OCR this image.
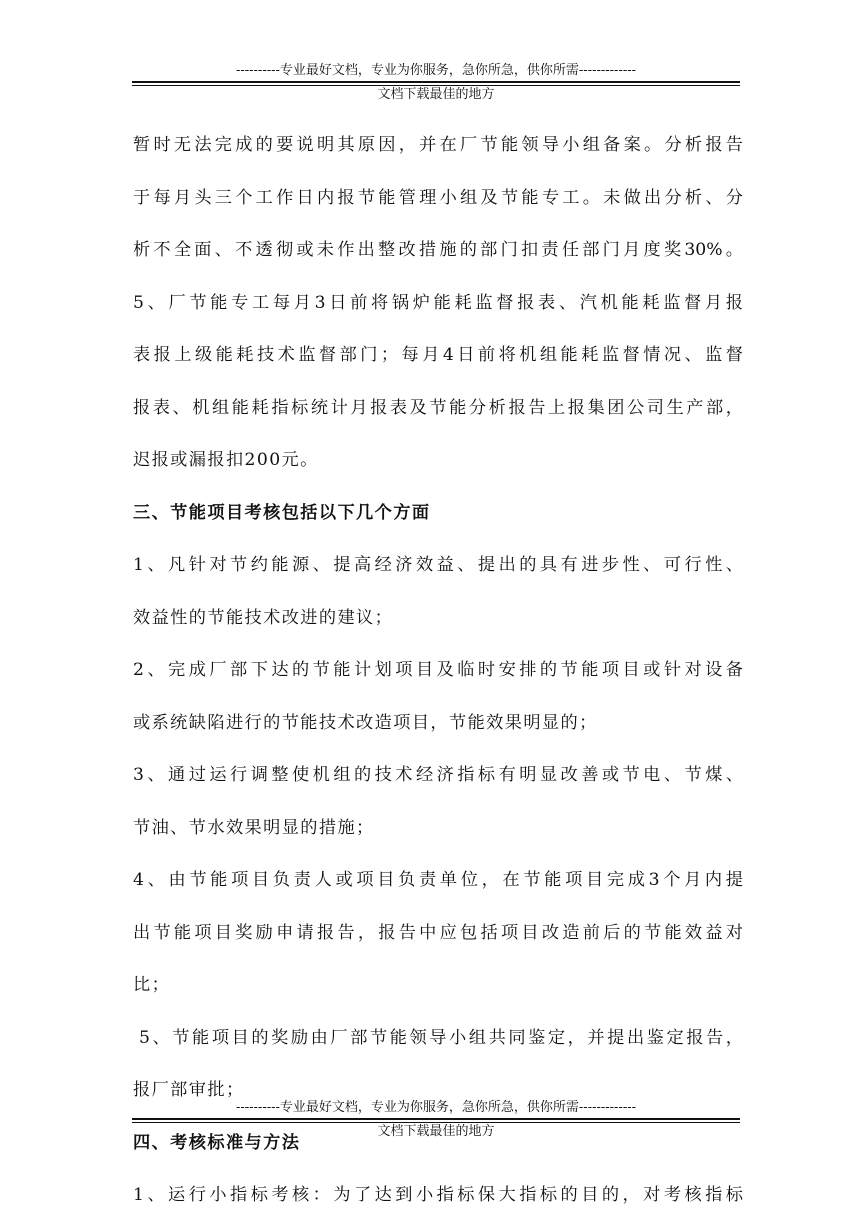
----------专业最好文档，专业为你服务，急你所急，供你所需-------------
文档下载最佳的地方
暂时无法完成的要说明其原因，并在厂节能领导小组备案。分析报告
于每月头三个工作日内报节能管理小组及节能专工。未做出分析、分
析不全面、不透彻或未作出整改措施的部门扣责任部门月度奖30%。
5、厂节能专工每月3日前将锅炉能耗监督报表、汽机能耗监督月报
表报上级能耗技术监督部门；每月4日前将机组能耗监督情况、监督
报表、机组能耗指标统计月报表及节能分析报告上报集团公司生产部，
迟报或漏报扣200元。
三、节能项目考核包括以下几个方面
1、凡针对节约能源、提高经济效益、提出的具有进步性、可行性、
效益性的节能技术改进的建议；
2、完成厂部下达的节能计划项目及临时安排的节能项目或针对设备
或系统缺陷进行的节能技术改造项目，节能效果明显的；
3、通过运行调整使机组的技术经济指标有明显改善或节电、节煤、
节油、节水效果明显的措施；
4、由节能项目负责人或项目负责单位，在节能项目完成3个月内提
出节能项目奖励申请报告，报告中应包括项目改造前后的节能效益对
比；
5、节能项目的奖励由厂部节能领导小组共同鉴定，并提出鉴定报告，
报厂部审批；
四、考核标准与方法
1、运行小指标考核：为了达到小指标保大指标的目的，对考核指标
----------专业最好文档，专业为你服务，急你所急，供你所需-------------
文档下载最佳的地方
